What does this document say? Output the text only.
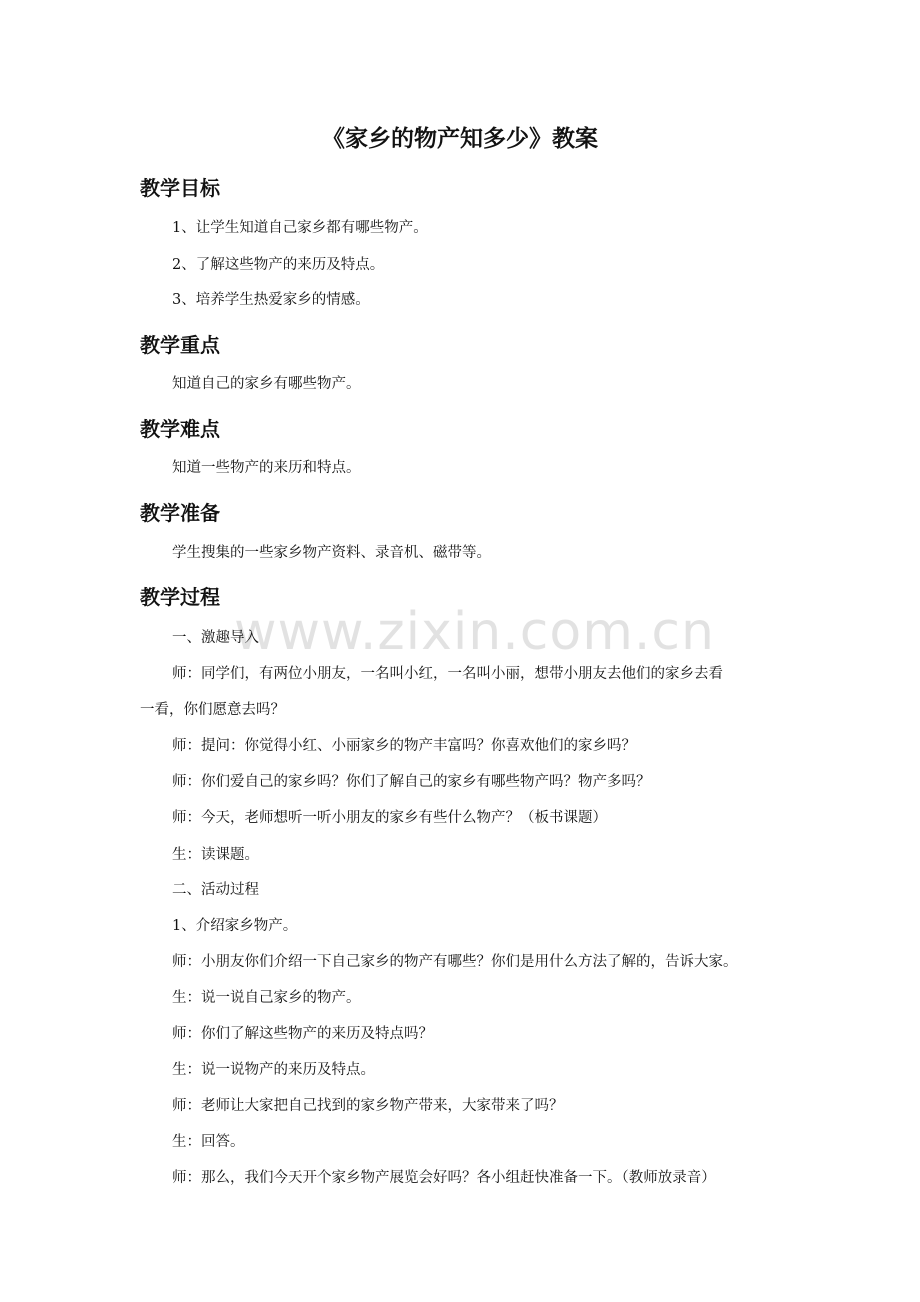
《家乡的物产知多少》教案
教学目标
1、让学生知道自己家乡都有哪些物产。
2、了解这些物产的来历及特点。
3、培养学生热爱家乡的情感。
教学重点
知道自己的家乡有哪些物产。
教学难点
知道一些物产的来历和特点。
教学准备
学生搜集的一些家乡物产资料、录音机、磁带等。
教学过程
www.zixin.com.cn
一、激趣导入
师：同学们，有两位小朋友，一名叫小红，一名叫小丽，想带小朋友去他们的家乡去看
一看，你们愿意去吗？
师：提问：你觉得小红、小丽家乡的物产丰富吗？你喜欢他们的家乡吗？
师：你们爱自己的家乡吗？你们了解自己的家乡有哪些物产吗？物产多吗？
师：今天，老师想听一听小朋友的家乡有些什么物产？（板书课题）
生：读课题。
二、活动过程
1、介绍家乡物产。
师：小朋友你们介绍一下自己家乡的物产有哪些？你们是用什么方法了解的，告诉大家。
生：说一说自己家乡的物产。
师：你们了解这些物产的来历及特点吗？
生：说一说物产的来历及特点。
师：老师让大家把自己找到的家乡物产带来，大家带来了吗？
生：回答。
师：那么，我们今天开个家乡物产展览会好吗？各小组赶快准备一下。（教师放录音）
